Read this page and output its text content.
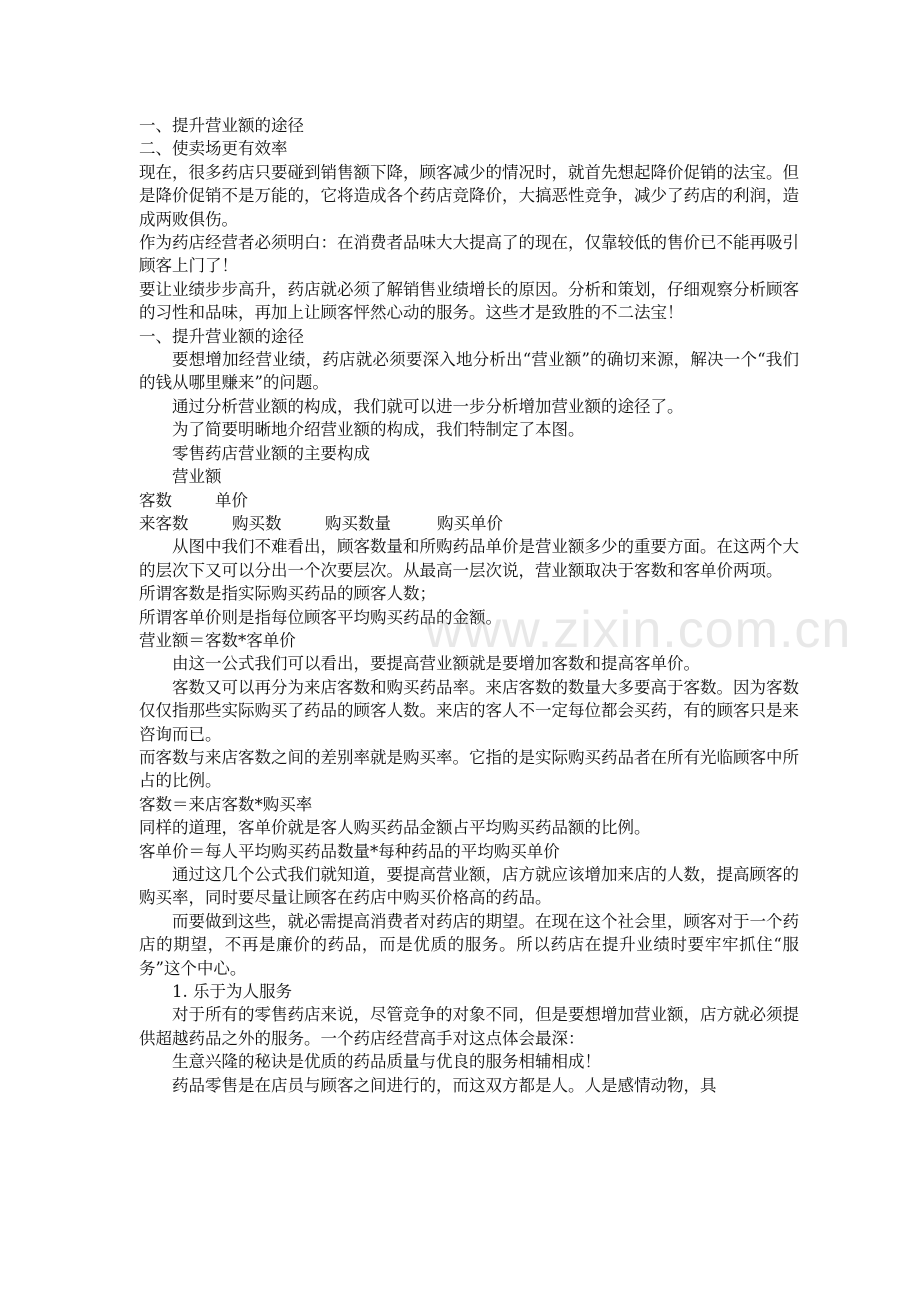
一、提升营业额的途径

二、使卖场更有效率

现在，很多药店只要碰到销售额下降，顾客减少的情况时，就首先想起降价促销的法宝。但是降价促销不是万能的，它将造成各个药店竞降价，大搞恶性竞争，减少了药店的利润，造成两败俱伤。

作为药店经营者必须明白：在消费者品味大大提高了的现在，仅靠较低的售价已不能再吸引顾客上门了！

要让业绩步步高升，药店就必须了解销售业绩增长的原因。分析和策划，仔细观察分析顾客的习性和品味，再加上让顾客怦然心动的服务。这些才是致胜的不二法宝！

一、提升营业额的途径

要想增加经营业绩，药店就必须要深入地分析出“营业额”的确切来源，解决一个“我们的钱从哪里赚来”的问题。

通过分析营业额的构成，我们就可以进一步分析增加营业额的途径了。

为了简要明晰地介绍营业额的构成，我们特制定了本图。

零售药店营业额的主要构成

营业额

客数	单价

来客数	购买数	购买数量	购买单价

从图中我们不难看出，顾客数量和所购药品单价是营业额多少的重要方面。在这两个大的层次下又可以分出一个次要层次。从最高一层次说，营业额取决于客数和客单价两项。

所谓客数是指实际购买药品的顾客人数；

所谓客单价则是指每位顾客平均购买药品的金额。

营业额＝客数*客单价

由这一公式我们可以看出，要提高营业额就是要增加客数和提高客单价。

客数又可以再分为来店客数和购买药品率。来店客数的数量大多要高于客数。因为客数仅仅指那些实际购买了药品的顾客人数。来店的客人不一定每位都会买药，有的顾客只是来咨询而已。

而客数与来店客数之间的差别率就是购买率。它指的是实际购买药品者在所有光临顾客中所占的比例。

客数＝来店客数*购买率

同样的道理，客单价就是客人购买药品金额占平均购买药品额的比例。

客单价＝每人平均购买药品数量*每种药品的平均购买单价

通过这几个公式我们就知道，要提高营业额，店方就应该增加来店的人数，提高顾客的购买率，同时要尽量让顾客在药店中购买价格高的药品。

而要做到这些，就必需提高消费者对药店的期望。在现在这个社会里，顾客对于一个药店的期望，不再是廉价的药品，而是优质的服务。所以药店在提升业绩时要牢牢抓住“服务”这个中心。

1. 乐于为人服务

对于所有的零售药店来说，尽管竞争的对象不同，但是要想增加营业额，店方就必须提供超越药品之外的服务。一个药店经营高手对这点体会最深：

生意兴隆的秘诀是优质的药品质量与优良的服务相辅相成！

药品零售是在店员与顾客之间进行的，而这双方都是人。人是感情动物，具

www.zixin.com.cn
